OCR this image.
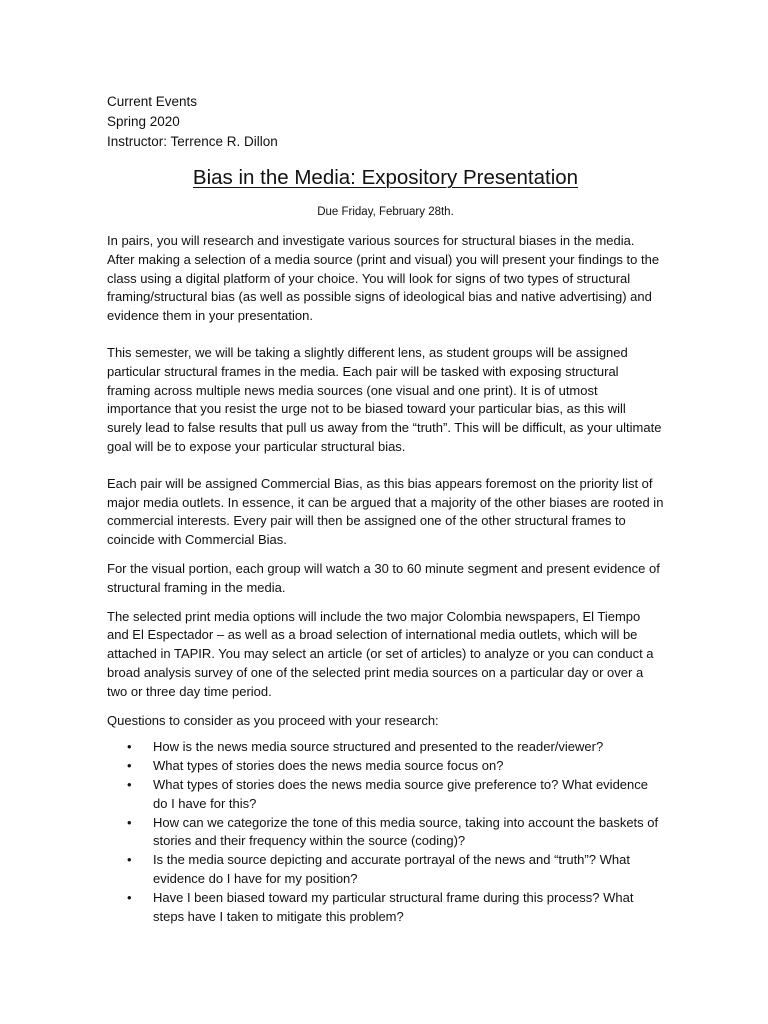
Current Events
Spring 2020
Instructor: Terrence R. Dillon
Bias in the Media: Expository Presentation
Due Friday, February 28th.

In pairs, you will research and investigate various sources for structural biases in the media. After making a selection of a media source (print and visual) you will present your findings to the class using a digital platform of your choice. You will look for signs of two types of structural framing/structural bias (as well as possible signs of ideological bias and native advertising) and evidence them in your presentation.

This semester, we will be taking a slightly different lens, as student groups will be assigned particular structural frames in the media. Each pair will be tasked with exposing structural framing across multiple news media sources (one visual and one print). It is of utmost importance that you resist the urge not to be biased toward your particular bias, as this will surely lead to false results that pull us away from the “truth”. This will be difficult, as your ultimate goal will be to expose your particular structural bias.

Each pair will be assigned Commercial Bias, as this bias appears foremost on the priority list of major media outlets. In essence, it can be argued that a majority of the other biases are rooted in commercial interests. Every pair will then be assigned one of the other structural frames to coincide with Commercial Bias.

For the visual portion, each group will watch a 30 to 60 minute segment and present evidence of structural framing in the media.

The selected print media options will include the two major Colombia newspapers, El Tiempo and El Espectador – as well as a broad selection of international media outlets, which will be attached in TAPIR. You may select an article (or set of articles) to analyze or you can conduct a broad analysis survey of one of the selected print media sources on a particular day or over a two or three day time period.

Questions to consider as you proceed with your research:

• How is the news media source structured and presented to the reader/viewer?
• What types of stories does the news media source focus on?
• What types of stories does the news media source give preference to? What evidence do I have for this?
• How can we categorize the tone of this media source, taking into account the baskets of stories and their frequency within the source (coding)?
• Is the media source depicting and accurate portrayal of the news and “truth”? What evidence do I have for my position?
• Have I been biased toward my particular structural frame during this process? What steps have I taken to mitigate this problem?
